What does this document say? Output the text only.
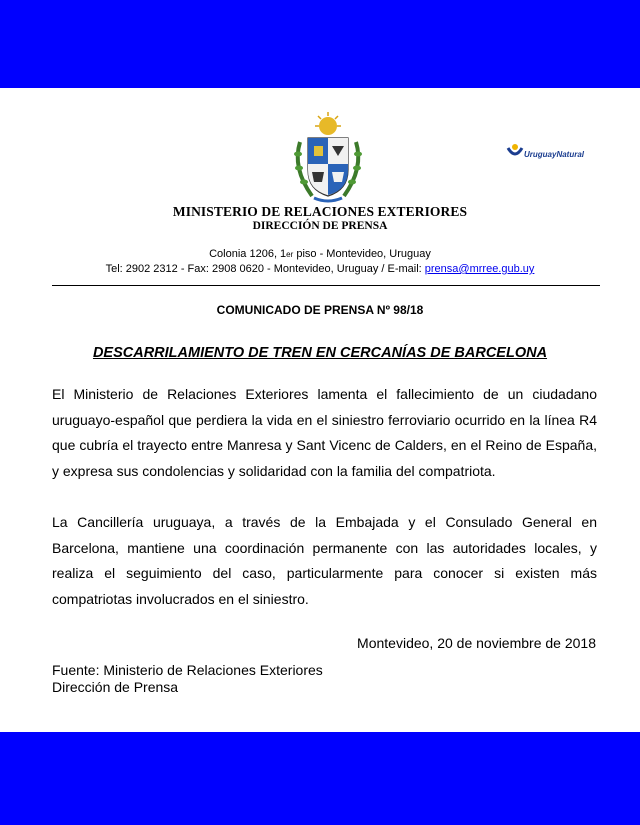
UruguayNatural
MINISTERIO DE RELACIONES EXTERIORES
DIRECCIÓN DE PRENSA
Colonia 1206, 1er piso - Montevideo, Uruguay
Tel: 2902 2312 - Fax: 2908 0620 - Montevideo, Uruguay / E-mail: prensa@mrree.gub.uy
COMUNICADO DE PRENSA Nº 98/18
DESCARRILAMIENTO DE TREN EN CERCANÍAS DE BARCELONA
El Ministerio de Relaciones Exteriores lamenta el fallecimiento de un ciudadano uruguayo-español que perdiera la vida en el siniestro ferroviario ocurrido en la línea R4 que cubría el trayecto entre Manresa y Sant Vicenc de Calders, en el Reino de España, y expresa sus condolencias y solidaridad con la familia del compatriota.
La Cancillería uruguaya, a través de la Embajada y el Consulado General en Barcelona, mantiene una coordinación permanente con las autoridades locales, y realiza el seguimiento del caso, particularmente para conocer si existen más compatriotas involucrados en el siniestro.
Montevideo, 20 de noviembre de 2018
Fuente: Ministerio de Relaciones Exteriores
Dirección de Prensa
